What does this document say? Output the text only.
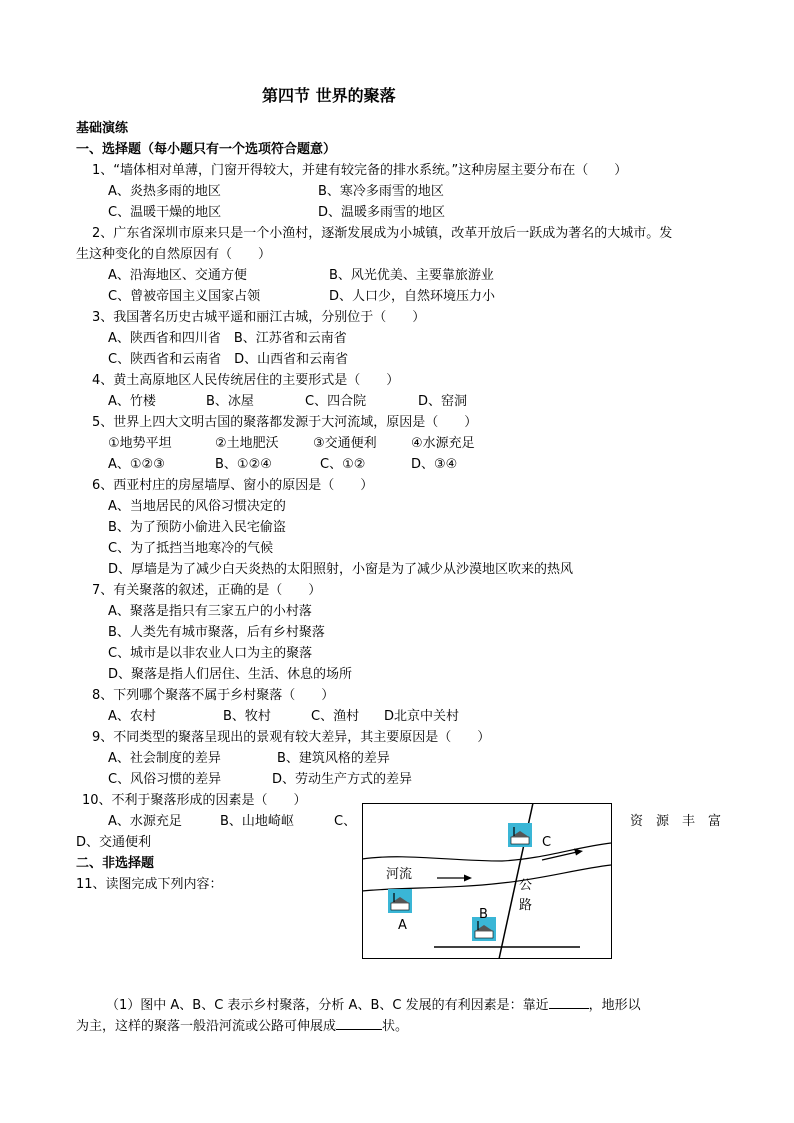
第四节 世界的聚落
基础演练
一、选择题（每小题只有一个选项符合题意）
1、“墙体相对单薄，门窗开得较大，并建有较完备的排水系统。”这种房屋主要分布在（　　）
A、炎热多雨的地区	B、寒冷多雨雪的地区
C、温暖干燥的地区	D、温暖多雨雪的地区
2、广东省深圳市原来只是一个小渔村，逐渐发展成为小城镇，改革开放后一跃成为著名的大城市。发
生这种变化的自然原因有（　　）
A、沿海地区、交通方便	B、风光优美、主要靠旅游业
C、曾被帝国主义国家占领	D、人口少，自然环境压力小
3、我国著名历史古城平遥和丽江古城，分别位于（　　）
A、陕西省和四川省　B、江苏省和云南省
C、陕西省和云南省　D、山西省和云南省
4、黄土高原地区人民传统居住的主要形式是（　　）
A、竹楼	B、冰屋	C、四合院	D、窑洞
5、世界上四大文明古国的聚落都发源于大河流域，原因是（　　）
①地势平坦	②土地肥沃	③交通便利	④水源充足
A、①②③	B、①②④	C、①②	D、③④
6、西亚村庄的房屋墙厚、窗小的原因是（　　）
A、当地居民的风俗习惯决定的
B、为了预防小偷进入民宅偷盗
C、为了抵挡当地寒冷的气候
D、厚墙是为了减少白天炎热的太阳照射，小窗是为了减少从沙漠地区吹来的热风
7、有关聚落的叙述，正确的是（　　）
A、聚落是指只有三家五户的小村落
B、人类先有城市聚落，后有乡村聚落
C、城市是以非农业人口为主的聚落
D、聚落是指人们居住、生活、休息的场所
8、下列哪个聚落不属于乡村聚落（　　）
A、农村	B、牧村	C、渔村 D北京中关村
9、不同类型的聚落呈现出的景观有较大差异，其主要原因是（　　）
A、社会制度的差异	B、建筑风格的差异
C、风俗习惯的差异	D、劳动生产方式的差异
10、不利于聚落形成的因素是（　　）
A、水源充足	B、山地崎岖	C、	资　源　丰　富
D、交通便利
二、非选择题
11、读图完成下列内容：
河流
公
路
A
B
C
（1）图中 A、B、C 表示乡村聚落，分析 A、B、C 发展的有利因素是：靠近	，地形以
为主，这样的聚落一般沿河流或公路可伸展成	状。
